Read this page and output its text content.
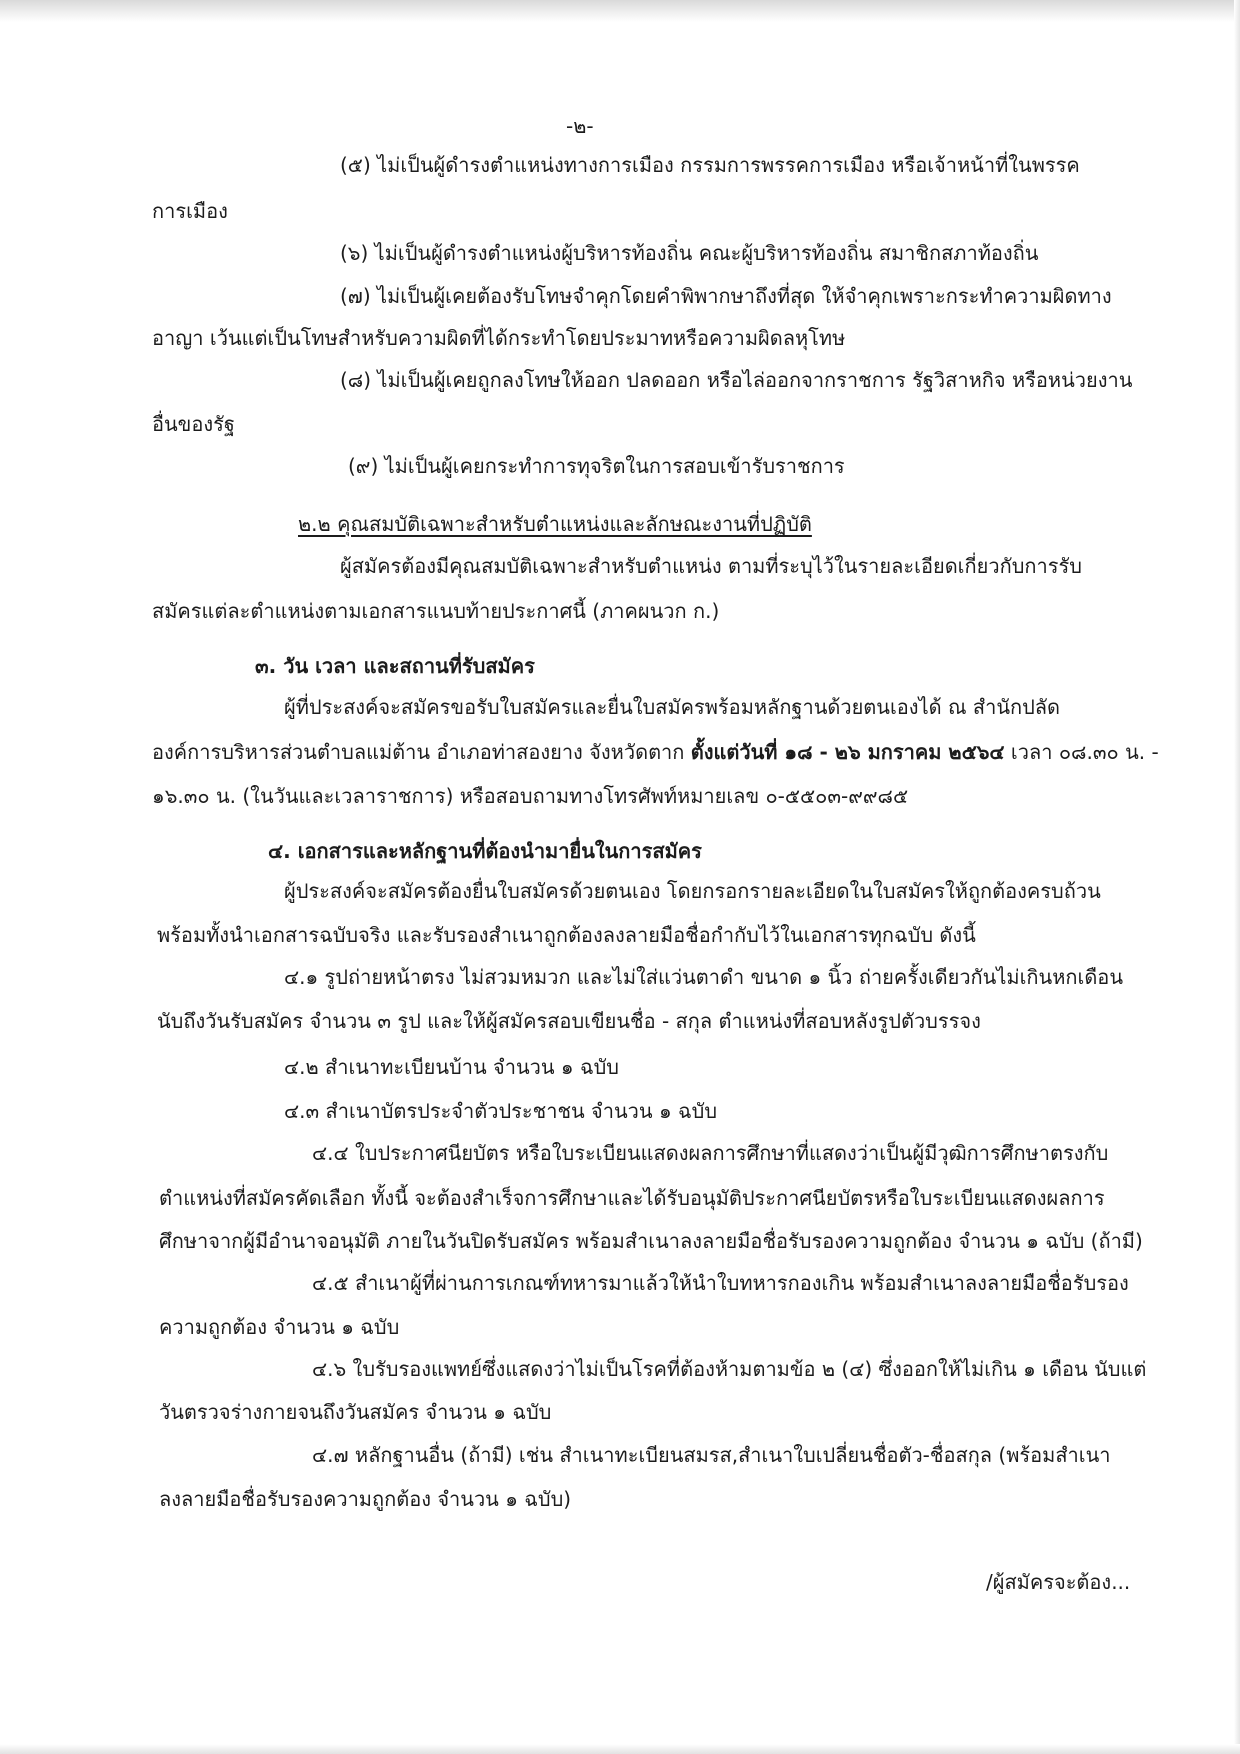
-๒-
(๕) ไม่เป็นผู้ดำรงตำแหน่งทางการเมือง กรรมการพรรคการเมือง หรือเจ้าหน้าที่ในพรรค
การเมือง
(๖) ไม่เป็นผู้ดำรงตำแหน่งผู้บริหารท้องถิ่น คณะผู้บริหารท้องถิ่น สมาชิกสภาท้องถิ่น
(๗) ไม่เป็นผู้เคยต้องรับโทษจำคุกโดยคำพิพากษาถึงที่สุด ให้จำคุกเพราะกระทำความผิดทาง
อาญา เว้นแต่เป็นโทษสำหรับความผิดที่ได้กระทำโดยประมาทหรือความผิดลหุโทษ
(๘) ไม่เป็นผู้เคยถูกลงโทษให้ออก ปลดออก หรือไล่ออกจากราชการ รัฐวิสาหกิจ หรือหน่วยงาน
อื่นของรัฐ
(๙) ไม่เป็นผู้เคยกระทำการทุจริตในการสอบเข้ารับราชการ
๒.๒ คุณสมบัติเฉพาะสำหรับตำแหน่งและลักษณะงานที่ปฏิบัติ
ผู้สมัครต้องมีคุณสมบัติเฉพาะสำหรับตำแหน่ง ตามที่ระบุไว้ในรายละเอียดเกี่ยวกับการรับ
สมัครแต่ละตำแหน่งตามเอกสารแนบท้ายประกาศนี้ (ภาคผนวก ก.)
๓. วัน เวลา และสถานที่รับสมัคร
ผู้ที่ประสงค์จะสมัครขอรับใบสมัครและยื่นใบสมัครพร้อมหลักฐานด้วยตนเองได้ ณ สำนักปลัด
องค์การบริหารส่วนตำบลแม่ต้าน อำเภอท่าสองยาง จังหวัดตาก ตั้งแต่วันที่ ๑๘ - ๒๖ มกราคม ๒๕๖๔ เวลา ๐๘.๓๐ น. -
๑๖.๓๐ น. (ในวันและเวลาราชการ) หรือสอบถามทางโทรศัพท์หมายเลข ๐-๕๕๐๓-๙๙๘๕
๔. เอกสารและหลักฐานที่ต้องนำมายื่นในการสมัคร
ผู้ประสงค์จะสมัครต้องยื่นใบสมัครด้วยตนเอง โดยกรอกรายละเอียดในใบสมัครให้ถูกต้องครบถ้วน
พร้อมทั้งนำเอกสารฉบับจริง และรับรองสำเนาถูกต้องลงลายมือชื่อกำกับไว้ในเอกสารทุกฉบับ ดังนี้
๔.๑ รูปถ่ายหน้าตรง ไม่สวมหมวก และไม่ใส่แว่นตาดำ ขนาด ๑ นิ้ว ถ่ายครั้งเดียวกันไม่เกินหกเดือน
นับถึงวันรับสมัคร จำนวน ๓ รูป และให้ผู้สมัครสอบเขียนชื่อ - สกุล ตำแหน่งที่สอบหลังรูปตัวบรรจง
๔.๒ สำเนาทะเบียนบ้าน จำนวน ๑ ฉบับ
๔.๓ สำเนาบัตรประจำตัวประชาชน จำนวน ๑ ฉบับ
๔.๔ ใบประกาศนียบัตร หรือใบระเบียนแสดงผลการศึกษาที่แสดงว่าเป็นผู้มีวุฒิการศึกษาตรงกับ
ตำแหน่งที่สมัครคัดเลือก ทั้งนี้ จะต้องสำเร็จการศึกษาและได้รับอนุมัติประกาศนียบัตรหรือใบระเบียนแสดงผลการ
ศึกษาจากผู้มีอำนาจอนุมัติ ภายในวันปิดรับสมัคร พร้อมสำเนาลงลายมือชื่อรับรองความถูกต้อง จำนวน ๑ ฉบับ (ถ้ามี)
๔.๕ สำเนาผู้ที่ผ่านการเกณฑ์ทหารมาแล้วให้นำใบทหารกองเกิน พร้อมสำเนาลงลายมือชื่อรับรอง
ความถูกต้อง จำนวน ๑ ฉบับ
๔.๖ ใบรับรองแพทย์ซึ่งแสดงว่าไม่เป็นโรคที่ต้องห้ามตามข้อ ๒ (๔) ซึ่งออกให้ไม่เกิน ๑ เดือน นับแต่
วันตรวจร่างกายจนถึงวันสมัคร จำนวน ๑ ฉบับ
๔.๗ หลักฐานอื่น (ถ้ามี) เช่น สำเนาทะเบียนสมรส,สำเนาใบเปลี่ยนชื่อตัว-ชื่อสกุล (พร้อมสำเนา
ลงลายมือชื่อรับรองความถูกต้อง จำนวน ๑ ฉบับ)
/ผู้สมัครจะต้อง...
